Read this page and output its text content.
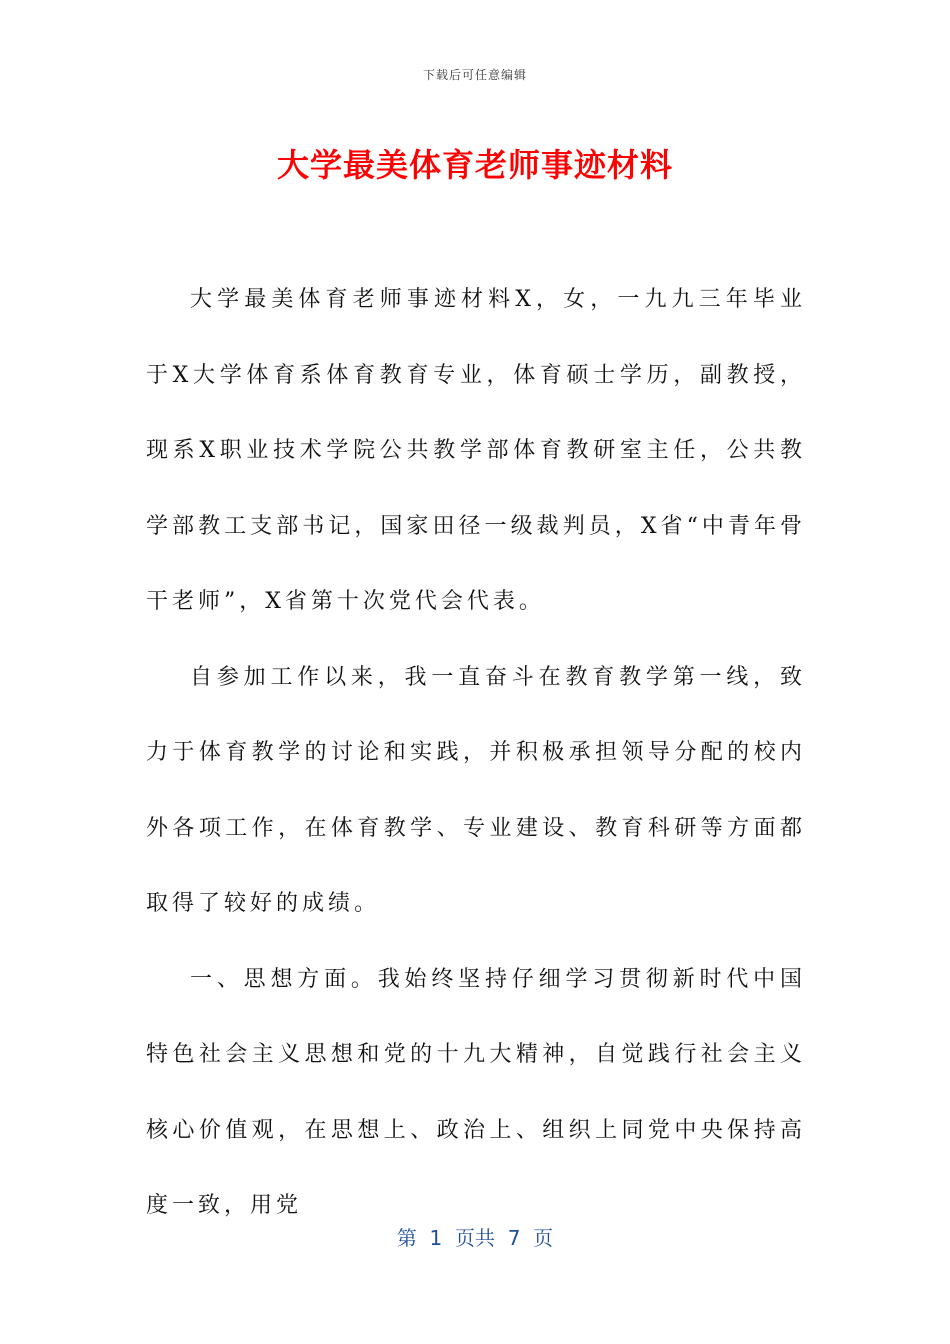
下载后可任意编辑
大学最美体育老师事迹材料

大学最美体育老师事迹材料X，女，一九九三年毕业于X大学体育系体育教育专业，体育硕士学历，副教授，现系X职业技术学院公共教学部体育教研室主任，公共教学部教工支部书记，国家田径一级裁判员，X省“中青年骨干老师”，X省第十次党代会代表。

自参加工作以来，我一直奋斗在教育教学第一线，致力于体育教学的讨论和实践，并积极承担领导分配的校内外各项工作，在体育教学、专业建设、教育科研等方面都取得了较好的成绩。

一、思想方面。我始终坚持仔细学习贯彻新时代中国特色社会主义思想和党的十九大精神，自觉践行社会主义核心价值观，在思想上、政治上、组织上同党中央保持高度一致，用党

第  1  页共  7  页
